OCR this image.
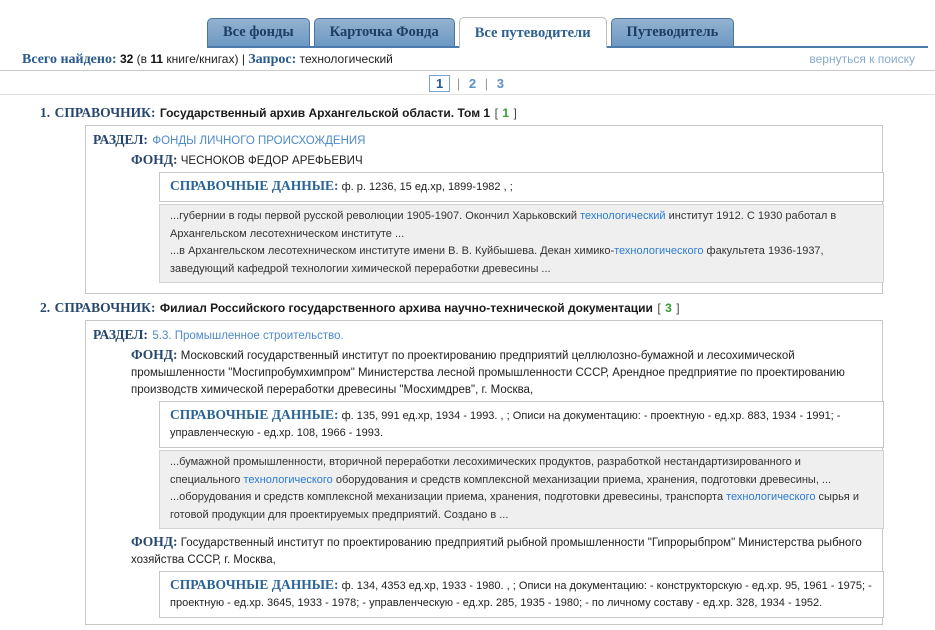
Все фонды	Карточка Фонда	Все путеводители	Путеводитель
Всего найдено: 32 (в 11 книге/книгах) | Запрос: технологический	вернуться к поиску
1 | 2 | 3
1. СПРАВОЧНИК: Государственный архив Архангельской области. Том 1 [ 1 ]
РАЗДЕЛ: ФОНДЫ ЛИЧНОГО ПРОИСХОЖДЕНИЯ
ФОНД: ЧЕСНОКОВ ФЕДОР АРЕФЬЕВИЧ
СПРАВОЧНЫЕ ДАННЫЕ: ф. р. 1236, 15 ед.хр, 1899-1982 , ;

...губернии в годы первой русской революции 1905-1907. Окончил Харьковский технологический институт 1912. С 1930 работал в Архангельском лесотехническом институте ...

...в Архангельском лесотехническом институте имени В. В. Куйбышева. Декан химико-технологического факультета 1936-1937, заведующий кафедрой технологии химической переработки древесины ...

2. СПРАВОЧНИК: Филиал Российского государственного архива научно-технической документации [ 3 ]
РАЗДЕЛ: 5.3. Промышленное строительство.
ФОНД: Московский государственный институт по проектированию предприятий целлюлозно-бумажной и лесохимической промышленности "Мосгипробумхимпром" Министерства лесной промышленности СССР, Арендное предприятие по проектированию производств химической переработки древесины "Мосхимдрев", г. Москва,
СПРАВОЧНЫЕ ДАННЫЕ: ф. 135, 991 ед.хр, 1934 - 1993. , ; Описи на документацию: - проектную - ед.хр. 883, 1934 - 1991; - управленческую - ед.хр. 108, 1966 - 1993.

...бумажной промышленности, вторичной переработки лесохимических продуктов, разработкой нестандартизированного и специального технологического оборудования и средств комплексной механизации приема, хранения, подготовки древесины, ...

...оборудования и средств комплексной механизации приема, хранения, подготовки древесины, транспорта технологического сырья и готовой продукции для проектируемых предприятий. Создано в ...

ФОНД: Государственный институт по проектированию предприятий рыбной промышленности "Гипрорыбпром" Министерства рыбного хозяйства СССР, г. Москва,
СПРАВОЧНЫЕ ДАННЫЕ: ф. 134, 4353 ед.хр, 1933 - 1980. , ; Описи на документацию: - конструкторскую - ед.хр. 95, 1961 - 1975; - проектную - ед.хр. 3645, 1933 - 1978; - управленческую - ед.хр. 285, 1935 - 1980; - по личному составу - ед.хр. 328, 1934 - 1952.
